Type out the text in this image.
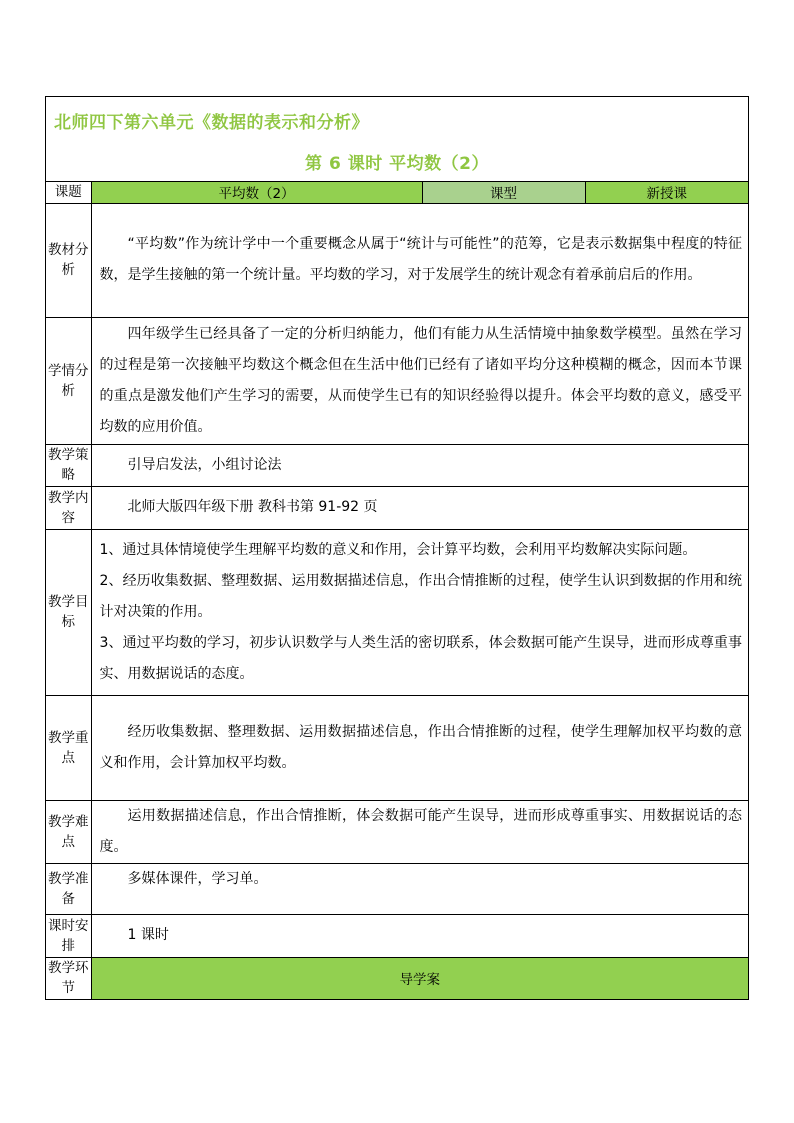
北师四下第六单元《数据的表示和分析》
第 6 课时 平均数（2）
课题	平均数（2）	课型	新授课
教材分析	“平均数”作为统计学中一个重要概念从属于“统计与可能性”的范筹，它是表示数据集中程度的特征数，是学生接触的第一个统计量。平均数的学习，对于发展学生的统计观念有着承前启后的作用。		
学情分析	四年级学生已经具备了一定的分析归纳能力，他们有能力从生活情境中抽象数学模型。虽然在学习的过程是第一次接触平均数这个概念但在生活中他们已经有了诸如平均分这种模糊的概念，因而本节课的重点是激发他们产生学习的需要，从而使学生已有的知识经验得以提升。体会平均数的意义，感受平均数的应用价值。		
教学策略	引导启发法，小组讨论法		
教学内容	北师大版四年级下册 教科书第 91-92 页		
教学目标	1、通过具体情境使学生理解平均数的意义和作用，会计算平均数，会利用平均数解决实际问题。

2、经历收集数据、整理数据、运用数据描述信息，作出合情推断的过程，使学生认识到数据的作用和统计对决策的作用。

3、通过平均数的学习，初步认识数学与人类生活的密切联系，体会数据可能产生误导，进而形成尊重事实、用数据说话的态度。		

教学重点	经历收集数据、整理数据、运用数据描述信息，作出合情推断的过程，使学生理解加权平均数的意义和作用，会计算加权平均数。		
教学难点	运用数据描述信息，作出合情推断，体会数据可能产生误导，进而形成尊重事实、用数据说话的态度。		
教学准备	多媒体课件，学习单。		
课时安排	1 课时		
教学环节	导学案		
